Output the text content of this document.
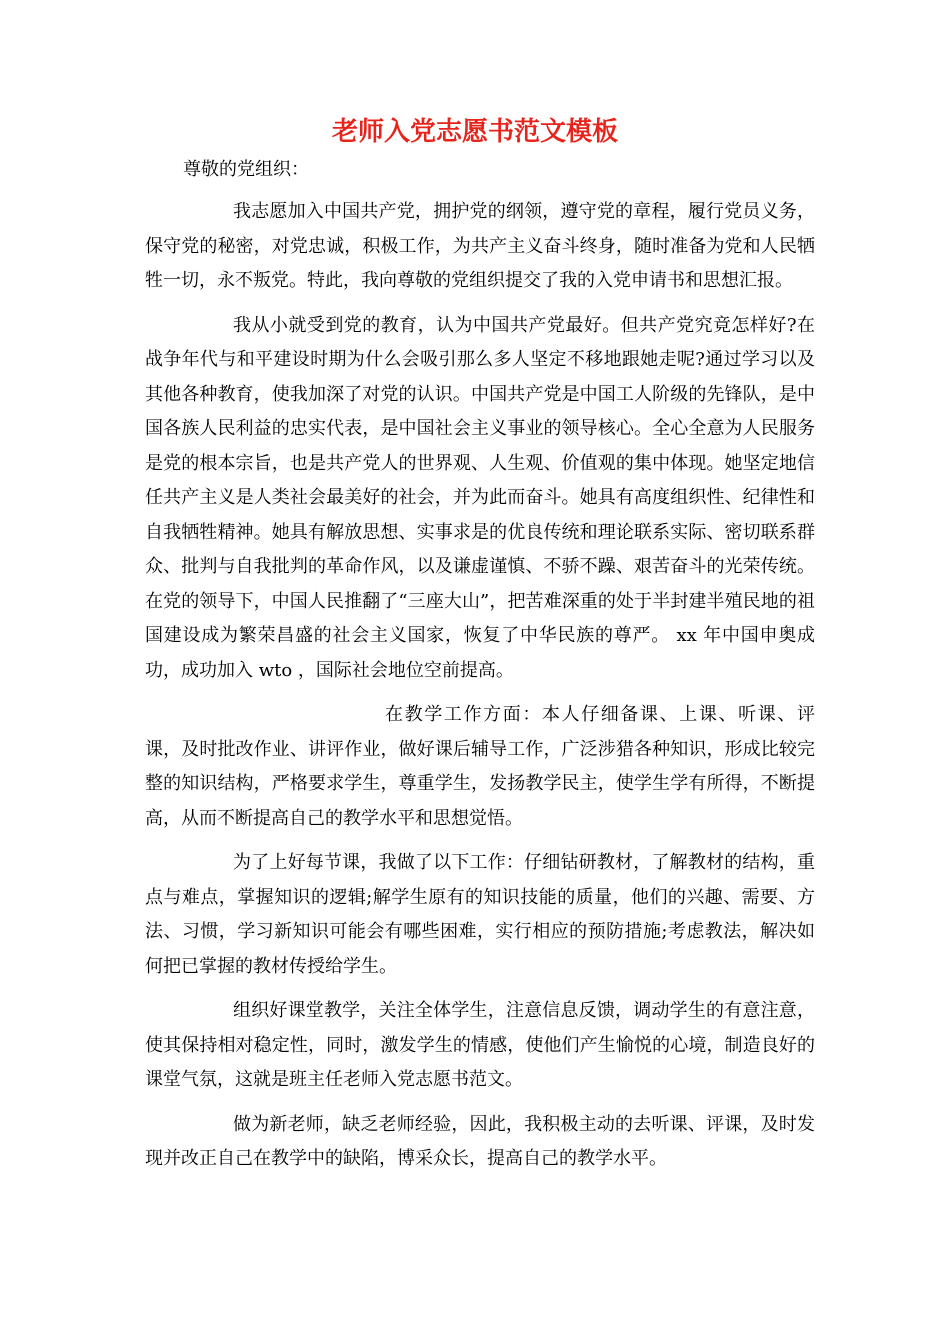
老师入党志愿书范文模板

尊敬的党组织：

我志愿加入中国共产党，拥护党的纲领，遵守党的章程，履行党员义务，保守党的秘密，对党忠诚，积极工作，为共产主义奋斗终身，随时准备为党和人民牺牲一切，永不叛党。特此，我向尊敬的党组织提交了我的入党申请书和思想汇报。

我从小就受到党的教育，认为中国共产党最好。但共产党究竟怎样好?在战争年代与和平建设时期为什么会吸引那么多人坚定不移地跟她走呢?通过学习以及其他各种教育，使我加深了对党的认识。中国共产党是中国工人阶级的先锋队，是中国各族人民利益的忠实代表，是中国社会主义事业的领导核心。全心全意为人民服务是党的根本宗旨，也是共产党人的世界观、人生观、价值观的集中体现。她坚定地信任共产主义是人类社会最美好的社会，并为此而奋斗。她具有高度组织性、纪律性和自我牺牲精神。她具有解放思想、实事求是的优良传统和理论联系实际、密切联系群众、批判与自我批判的革命作风，以及谦虚谨慎、不骄不躁、艰苦奋斗的光荣传统。在党的领导下，中国人民推翻了“三座大山”，把苦难深重的处于半封建半殖民地的祖国建设成为繁荣昌盛的社会主义国家，恢复了中华民族的尊严。 xx 年中国申奥成功，成功加入 wto ，国际社会地位空前提高。

在教学工作方面：本人仔细备课、上课、听课、评课，及时批改作业、讲评作业，做好课后辅导工作，广泛涉猎各种知识，形成比较完整的知识结构，严格要求学生，尊重学生，发扬教学民主，使学生学有所得，不断提高，从而不断提高自己的教学水平和思想觉悟。

为了上好每节课，我做了以下工作：仔细钻研教材，了解教材的结构，重点与难点，掌握知识的逻辑;解学生原有的知识技能的质量，他们的兴趣、需要、方法、习惯，学习新知识可能会有哪些困难，实行相应的预防措施;考虑教法，解决如何把已掌握的教材传授给学生。

组织好课堂教学，关注全体学生，注意信息反馈，调动学生的有意注意，使其保持相对稳定性，同时，激发学生的情感，使他们产生愉悦的心境，制造良好的课堂气氛，这就是班主任老师入党志愿书范文。

做为新老师，缺乏老师经验，因此，我积极主动的去听课、评课，及时发现并改正自己在教学中的缺陷，博采众长，提高自己的教学水平。
